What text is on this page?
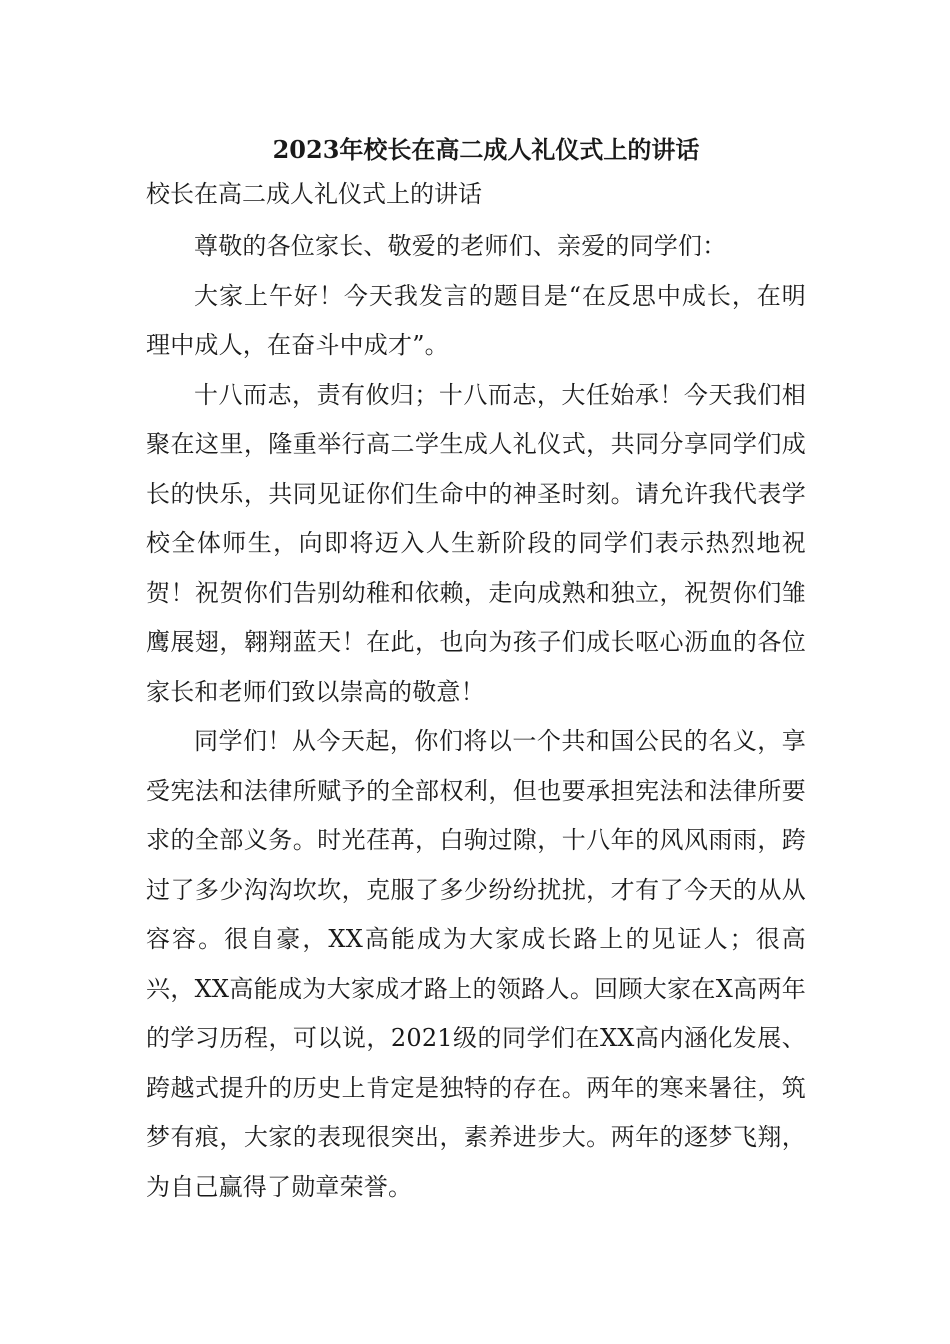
2023年校长在高二成人礼仪式上的讲话

校长在高二成人礼仪式上的讲话

尊敬的各位家长、敬爱的老师们、亲爱的同学们：

大家上午好！今天我发言的题目是“在反思中成长，在明理中成人，在奋斗中成才”。

十八而志，责有攸归；十八而志，大任始承！今天我们相聚在这里，隆重举行高二学生成人礼仪式，共同分享同学们成长的快乐，共同见证你们生命中的神圣时刻。请允许我代表学校全体师生，向即将迈入人生新阶段的同学们表示热烈地祝贺！祝贺你们告别幼稚和依赖，走向成熟和独立，祝贺你们雏鹰展翅，翱翔蓝天！在此，也向为孩子们成长呕心沥血的各位家长和老师们致以崇高的敬意！

同学们！从今天起，你们将以一个共和国公民的名义，享受宪法和法律所赋予的全部权利，但也要承担宪法和法律所要求的全部义务。时光荏苒，白驹过隙，十八年的风风雨雨，跨过了多少沟沟坎坎，克服了多少纷纷扰扰，才有了今天的从从容容。很自豪，XX高能成为大家成长路上的见证人；很高兴，XX高能成为大家成才路上的领路人。回顾大家在X高两年的学习历程，可以说，2021级的同学们在XX高内涵化发展、跨越式提升的历史上肯定是独特的存在。两年的寒来暑往，筑梦有痕，大家的表现很突出，素养进步大。两年的逐梦飞翔，为自己赢得了勋章荣誉。
